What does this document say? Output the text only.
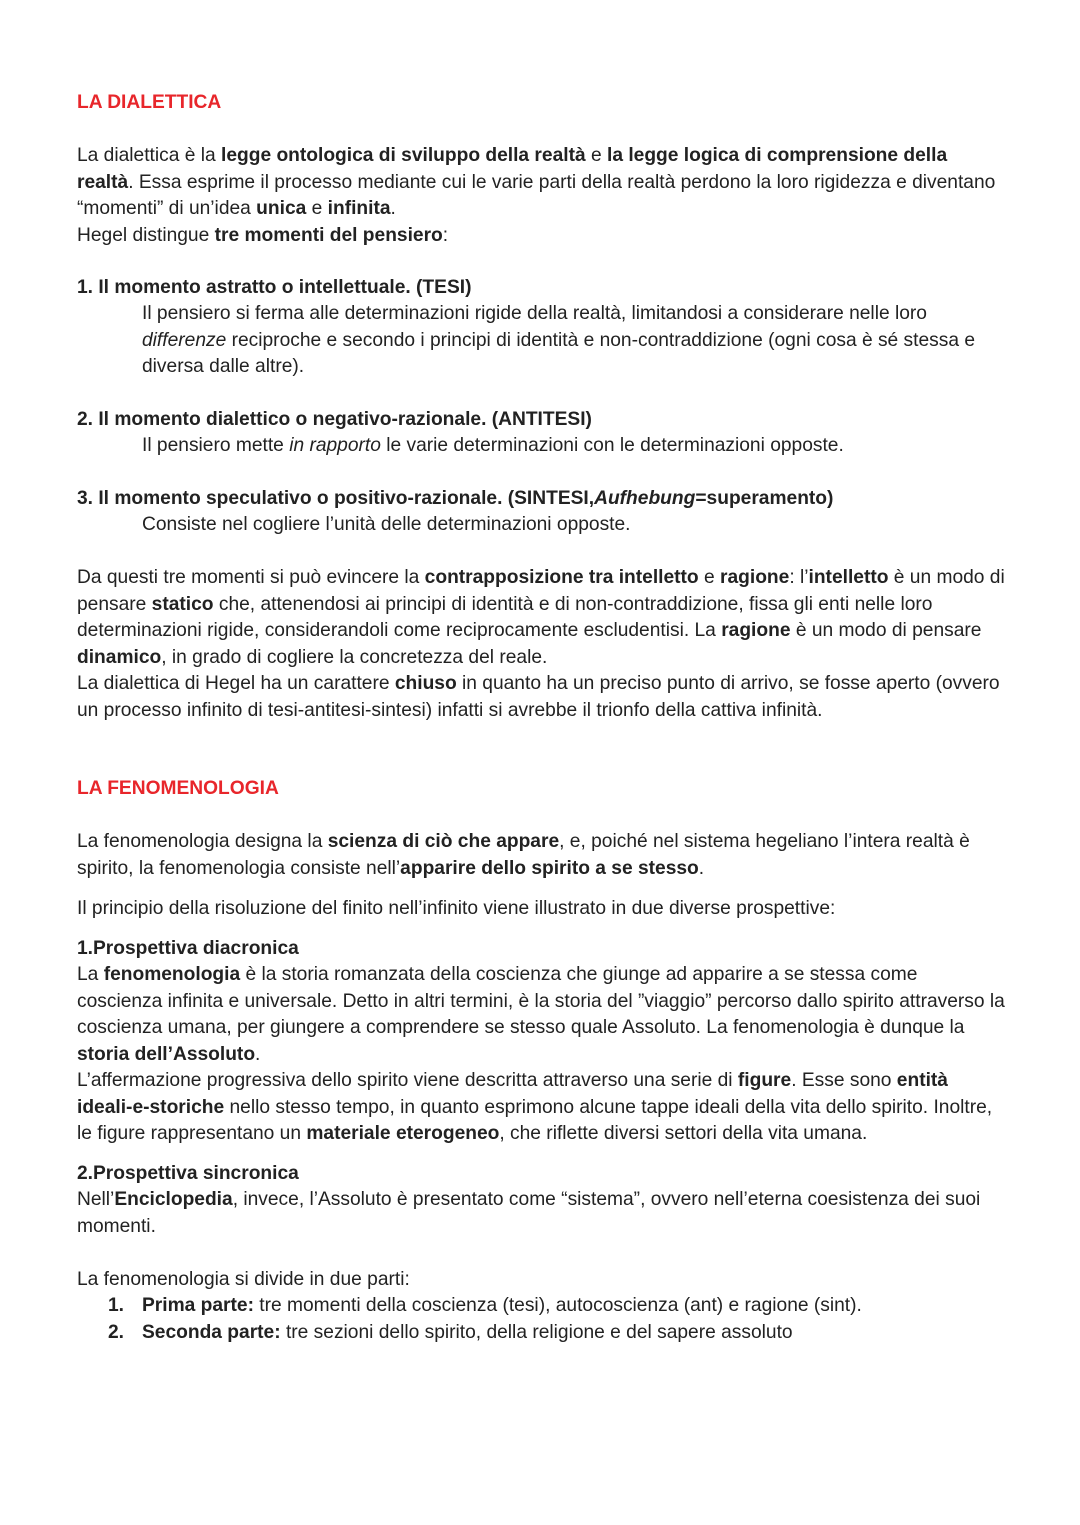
LA DIALETTICA

La dialettica è la legge ontologica di sviluppo della realtà e la legge logica di comprensione della realtà. Essa esprime il processo mediante cui le varie parti della realtà perdono la loro rigidezza e diventano “momenti” di un’idea unica e infinita.

Hegel distingue tre momenti del pensiero:

1. Il momento astratto o intellettuale. (TESI)

Il pensiero si ferma alle determinazioni rigide della realtà, limitandosi a considerare nelle loro differenze reciproche e secondo i principi di identità e non-contraddizione (ogni cosa è sé stessa e diversa dalle altre).

2. Il momento dialettico o negativo-razionale. (ANTITESI)

Il pensiero mette in rapporto le varie determinazioni con le determinazioni opposte.

3. Il momento speculativo o positivo-razionale. (SINTESI,Aufhebung=superamento)

Consiste nel cogliere l’unità delle determinazioni opposte.

Da questi tre momenti si può evincere la contrapposizione tra intelletto e ragione: l’intelletto è un modo di pensare statico che, attenendosi ai principi di identità e di non-contraddizione, fissa gli enti nelle loro determinazioni rigide, considerandoli come reciprocamente escludentisi. La ragione è un modo di pensare dinamico, in grado di cogliere la concretezza del reale.

La dialettica di Hegel ha un carattere chiuso in quanto ha un preciso punto di arrivo, se fosse aperto (ovvero un processo infinito di tesi-antitesi-sintesi) infatti si avrebbe il trionfo della cattiva infinità.

LA FENOMENOLOGIA

La fenomenologia designa la scienza di ciò che appare, e, poiché nel sistema hegeliano l’intera realtà è spirito, la fenomenologia consiste nell’apparire dello spirito a se stesso.

Il principio della risoluzione del finito nell’infinito viene illustrato in due diverse prospettive:

1.Prospettiva diacronica

La fenomenologia è la storia romanzata della coscienza che giunge ad apparire a se stessa come coscienza infinita e universale. Detto in altri termini, è la storia del ”viaggio” percorso dallo spirito attraverso la coscienza umana, per giungere a comprendere se stesso quale Assoluto. La fenomenologia è dunque la storia dell’Assoluto.

L’affermazione progressiva dello spirito viene descritta attraverso una serie di figure. Esse sono entità ideali-e-storiche nello stesso tempo, in quanto esprimono alcune tappe ideali della vita dello spirito. Inoltre, le figure rappresentano un materiale eterogeneo, che riflette diversi settori della vita umana.

2.Prospettiva sincronica

Nell’Enciclopedia, invece, l’Assoluto è presentato come “sistema”, ovvero nell’eterna coesistenza dei suoi momenti.

La fenomenologia si divide in due parti:

1. Prima parte: tre momenti della coscienza (tesi), autocoscienza (ant) e ragione (sint).
2. Seconda parte: tre sezioni dello spirito, della religione e del sapere assoluto
